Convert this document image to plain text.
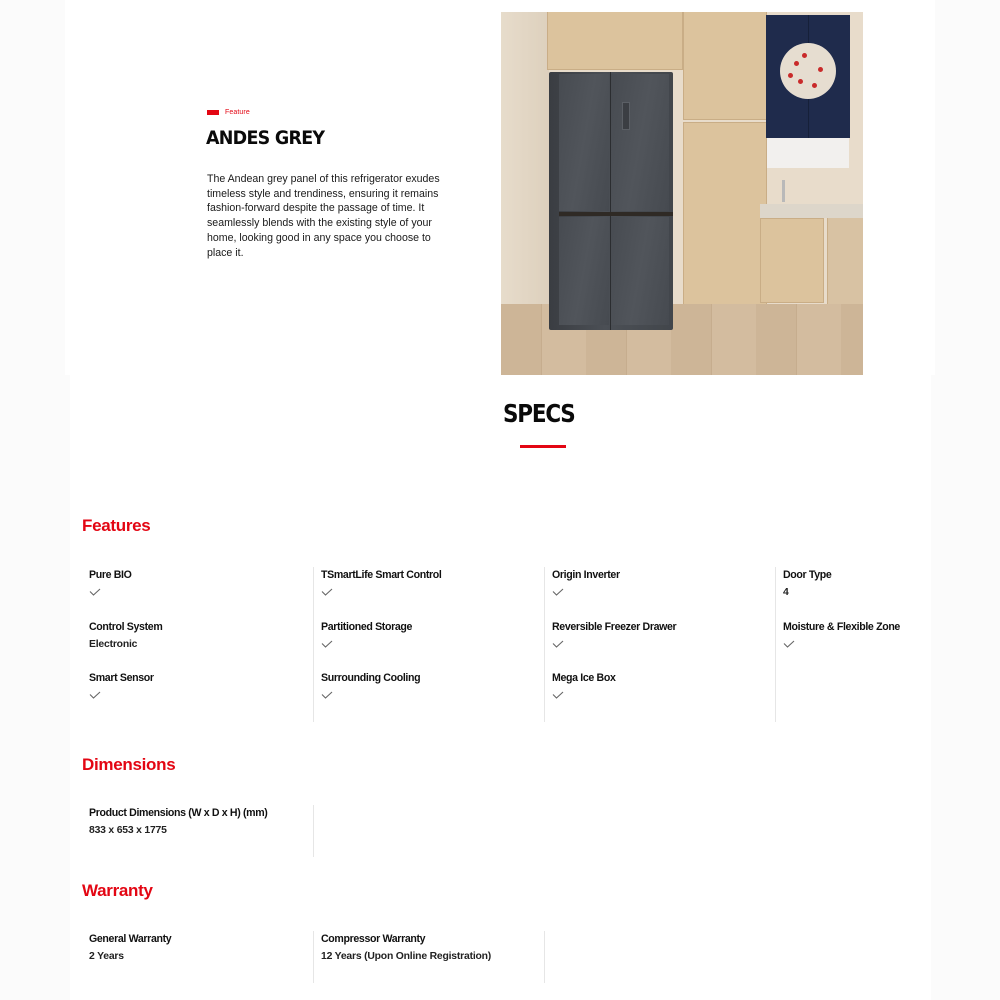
Feature
ANDES GREY

The Andean grey panel of this refrigerator exudes timeless style and trendiness, ensuring it remains fashion-forward despite the passage of time. It seamlessly blends with the existing style of your home, looking good in any space you choose to place it.

SPECS
Features
Pure BIO
Control System
Electronic
Smart Sensor
TSmartLife Smart Control
Partitioned Storage
Surrounding Cooling
Origin Inverter
Reversible Freezer Drawer
Mega Ice Box
Door Type
4
Moisture & Flexible Zone
Dimensions
Product Dimensions (W x D x H) (mm)
833 x 653 x 1775
Warranty
General Warranty
2 Years
Compressor Warranty
12 Years (Upon Online Registration)
